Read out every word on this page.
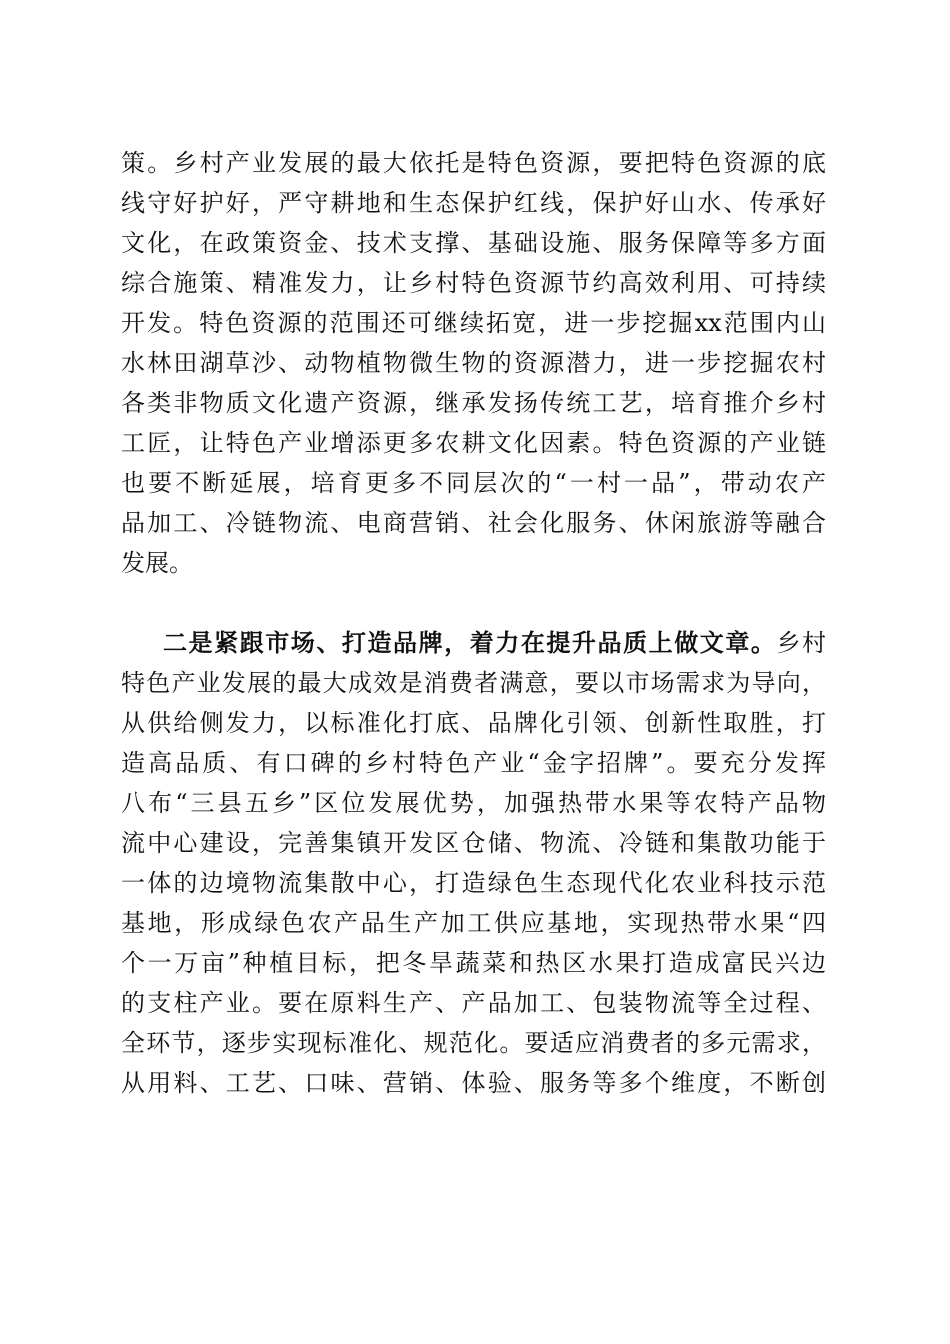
策。乡村产业发展的最大依托是特色资源，要把特色资源的底
线守好护好，严守耕地和生态保护红线，保护好山水、传承好
文化，在政策资金、技术支撑、基础设施、服务保障等多方面
综合施策、精准发力，让乡村特色资源节约高效利用、可持续
开发。特色资源的范围还可继续拓宽，进一步挖掘xx范围内山
水林田湖草沙、动物植物微生物的资源潜力，进一步挖掘农村
各类非物质文化遗产资源，继承发扬传统工艺，培育推介乡村
工匠，让特色产业增添更多农耕文化因素。特色资源的产业链
也要不断延展，培育更多不同层次的“一村一品”，带动农产
品加工、冷链物流、电商营销、社会化服务、休闲旅游等融合
发展。
二是紧跟市场、打造品牌，着力在提升品质上做文章。乡村
特色产业发展的最大成效是消费者满意，要以市场需求为导向，
从供给侧发力，以标准化打底、品牌化引领、创新性取胜，打
造高品质、有口碑的乡村特色产业“金字招牌”。要充分发挥
八布“三县五乡”区位发展优势，加强热带水果等农特产品物
流中心建设，完善集镇开发区仓储、物流、冷链和集散功能于
一体的边境物流集散中心，打造绿色生态现代化农业科技示范
基地，形成绿色农产品生产加工供应基地，实现热带水果“四
个一万亩”种植目标，把冬旱蔬菜和热区水果打造成富民兴边
的支柱产业。要在原料生产、产品加工、包装物流等全过程、
全环节，逐步实现标准化、规范化。要适应消费者的多元需求，
从用料、工艺、口味、营销、体验、服务等多个维度，不断创
